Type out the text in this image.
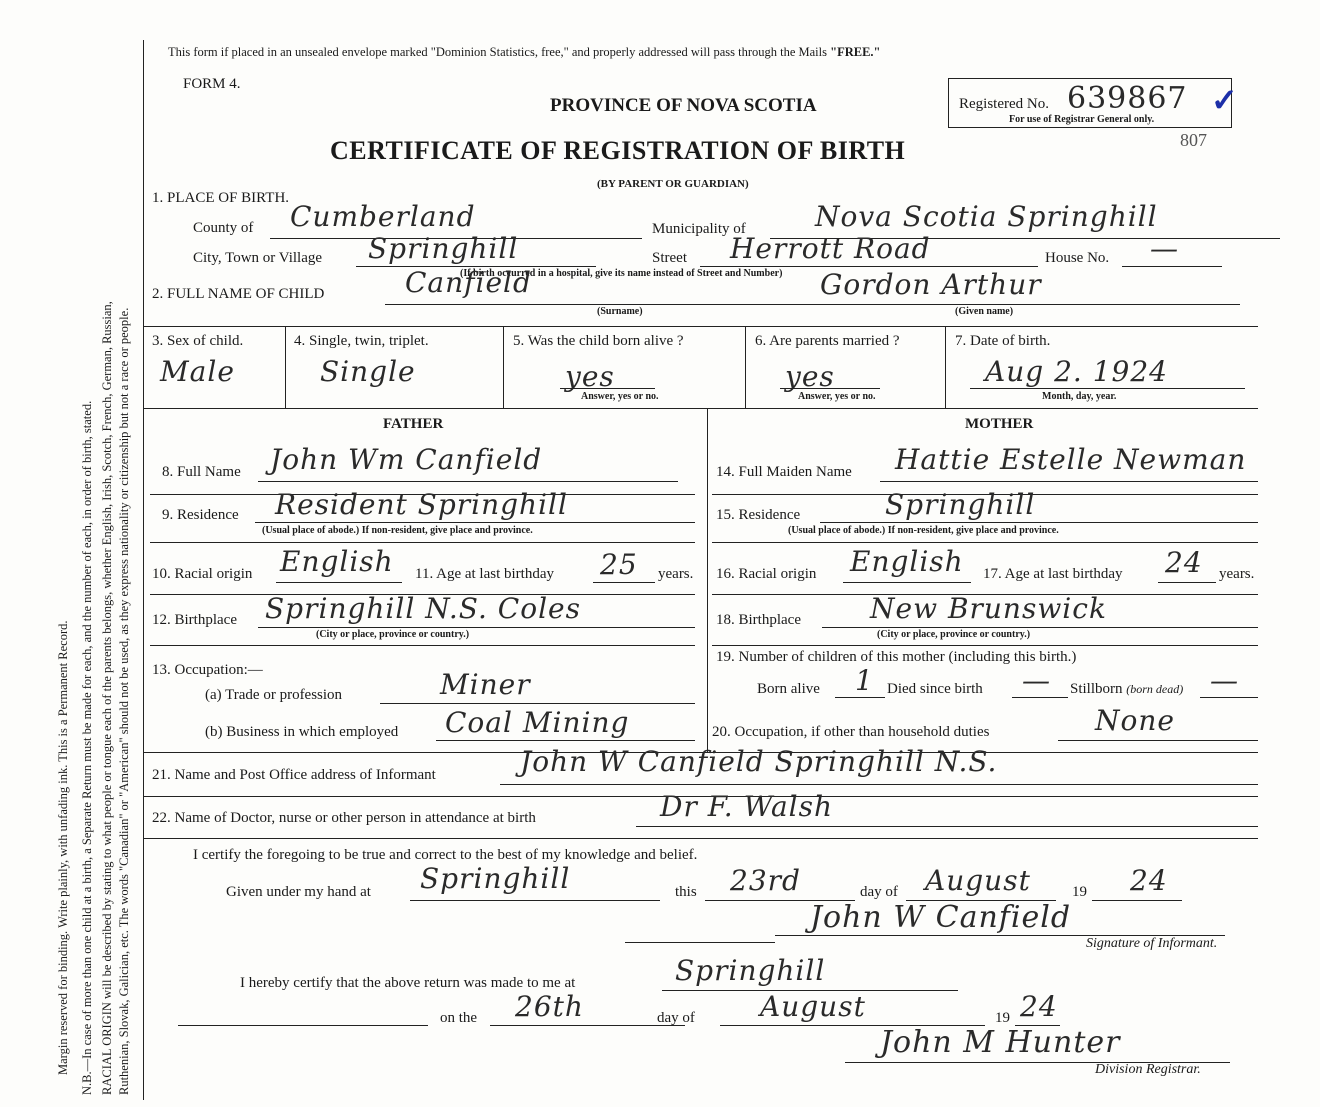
Margin reserved for binding. Write plainly, with unfading ink. This is a Permanent Record. N.B.—In case of more than one child at a birth, a Separate Return must be made for each, and the number of each, in order of birth, stated. RACIAL ORIGIN will be described by stating to what people or tongue each of the parents belongs, whether English, Irish, Scotch, French, German, Russian, Ruthenian, Slovak, Galician, etc. The words "Canadian" or "American" should not be used, as they express nationality or citizenship but not a race or people.
This form if placed in an unsealed envelope marked "Dominion Statistics, free," and properly addressed will pass through the Mails "FREE."
FORM 4.
PROVINCE OF NOVA SCOTIA
CERTIFICATE OF REGISTRATION OF BIRTH
(BY PARENT OR GUARDIAN)
Registered No. 639867 ✓
For use of Registrar General only.
807
1. PLACE OF BIRTH.
County of Cumberland	Municipality of Nova Scotia Springhill
City, Town or Village Springhill	Street Herrott Road	House No. —
(If birth occurred in a hospital, give its name instead of Street and Number)
2. FULL NAME OF CHILD	Canfield
(Surname)
Gordon Arthur
(Given name)
3. Sex of child.
Male
4. Single, twin, triplet.
Single
5. Was the child born alive ?
yes
Answer, yes or no.
6. Are parents married ?
yes
Answer, yes or no.
7. Date of birth.
Aug 2. 1924
Month, day, year.
FATHER	MOTHER
8. Full Name John Wm Canfield
9. Residence Resident Springhill
(Usual place of abode.) If non-resident, give place and province.
10. Racial origin English 11. Age at last birthday 25 years.
12. Birthplace Springhill N.S. Coles
(City or place, province or country.)
13. Occupation:—
(a) Trade or profession	Miner
(b) Business in which employed Coal Mining
14. Full Maiden Name Hattie Estelle Newman
15. Residence	Springhill
(Usual place of abode.) If non-resident, give place and province.
16. Racial origin English 17. Age at last birthday 24 years.
18. Birthplace New Brunswick
(City or place, province or country.)
19. Number of children of this mother (including this birth.)
Born alive 1 Died since birth — Stillborn (born dead) —
20. Occupation, if other than household duties	None
21. Name and Post Office address of Informant	John W Canfield Springhill N.S.
22. Name of Doctor, nurse or other person in attendance at birth	Dr F. Walsh
I certify the foregoing to be true and correct to the best of my knowledge and belief.
Given under my hand at Springhill	this 23rd	day of August	19 24
John W Canfield
Signature of Informant.
I hereby certify that the above return was made to me at	Springhill
on the 26th	day of August	19 24
John M Hunter
Division Registrar.
